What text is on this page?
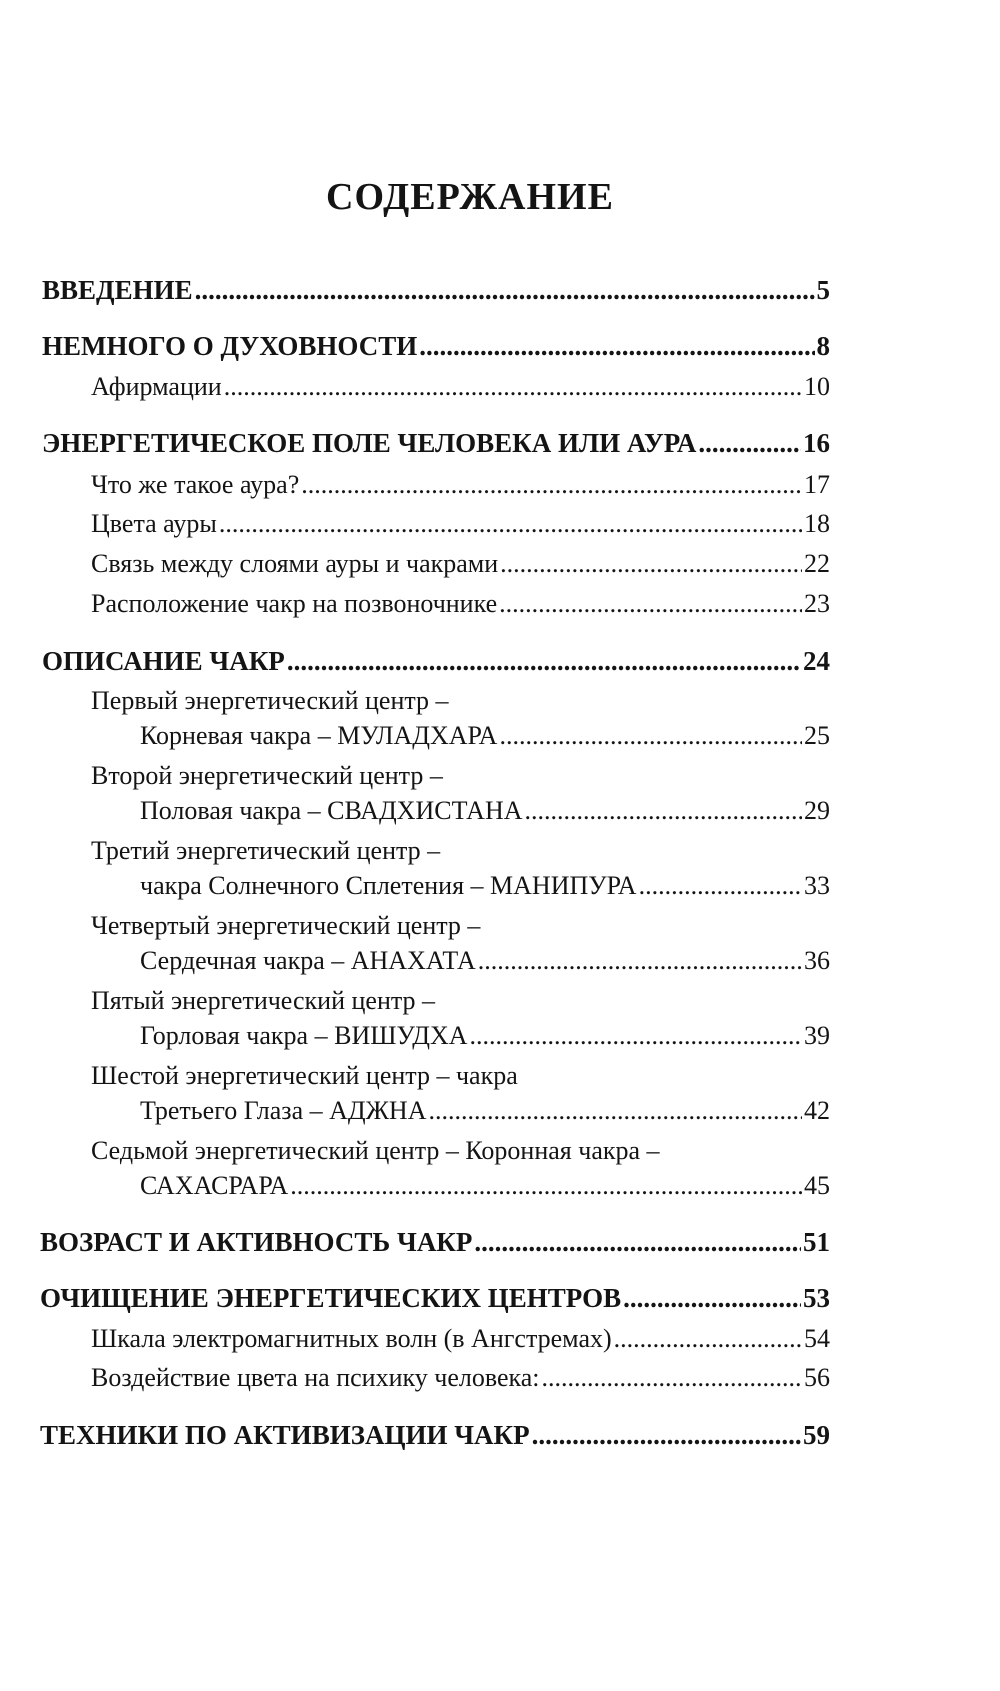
СОДЕРЖАНИЕ
ВВЕДЕНИЕ .....	5
НЕМНОГО О ДУХОВНОСТИ .....	8
Афирмации .....	10
ЭНЕРГЕТИЧЕСКОЕ ПОЛЕ ЧЕЛОВЕКА ИЛИ АУРА .....	16
Что же такое аура? .....	17
Цвета ауры .....	18
Связь между слоями ауры и чакрами .....	22
Расположение чакр на позвоночнике .....	23
ОПИСАНИЕ ЧАКР .....	24
Первый энергетический центр –
Корневая чакра – МУЛАДХАРА .....	25
Второй энергетический центр –
Половая чакра – СВАДХИСТАНА .....	29
Третий энергетический центр –
чакра Солнечного Сплетения – МАНИПУРА .....	33
Четвертый энергетический центр –
Сердечная чакра – АНАХАТА .....	36
Пятый энергетический центр –
Горловая чакра – ВИШУДХА .....	39
Шестой энергетический центр – чакра
Третьего Глаза – АДЖНА .....	42
Седьмой энергетический центр – Коронная чакра –
САХАСРАРА .....	45
ВОЗРАСТ И АКТИВНОСТЬ ЧАКР .....	51
ОЧИЩЕНИЕ ЭНЕРГЕТИЧЕСКИХ ЦЕНТРОВ .....	53
Шкала электромагнитных волн (в Ангстремах) .....	54
Воздействие цвета на психику человека: .....	56
ТЕХНИКИ ПО АКТИВИЗАЦИИ ЧАКР .....	59
